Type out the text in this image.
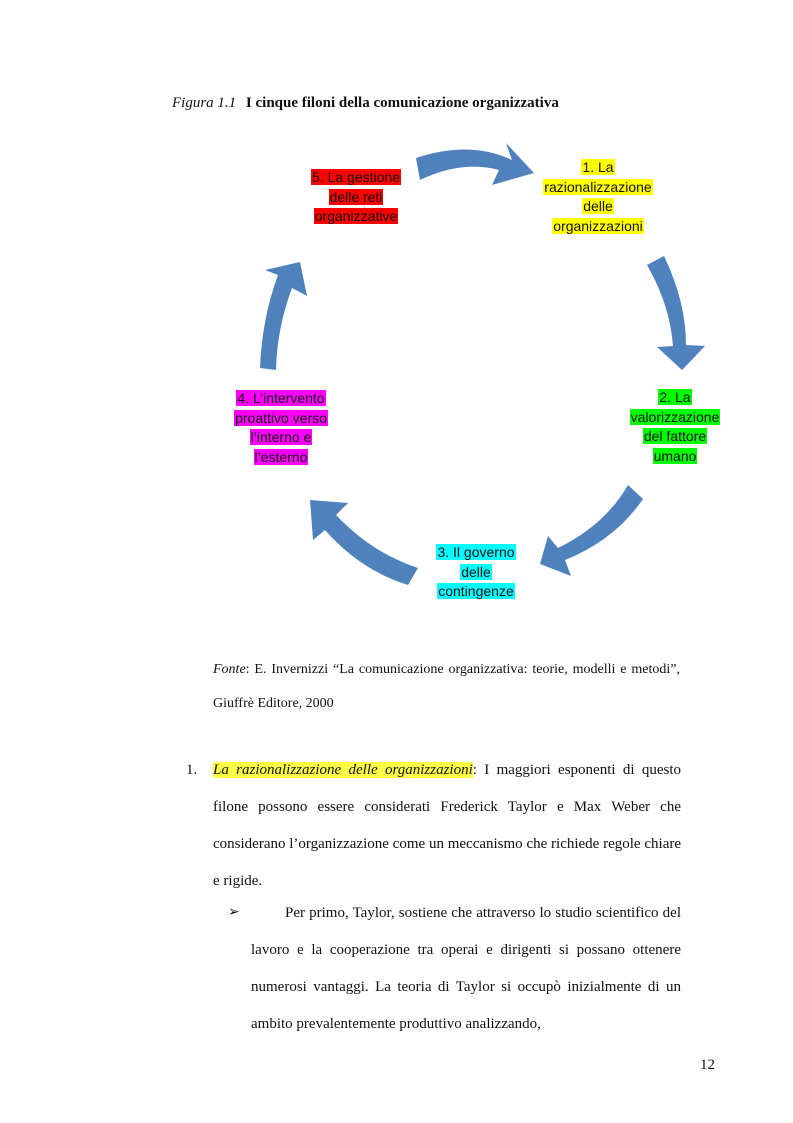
Figura 1.1 I cinque filoni della comunicazione organizzativa
1. La
razionalizzazione
delle
organizzazioni
2. La
valorizzazione
del fattore
umano
3. Il governo
delle
contingenze
4. L’intervento
proattivo verso
l’interno e
l’esterno
5. La gestione
delle reti
organizzative
Fonte: E. Invernizzi “La comunicazione organizzativa: teorie, modelli e metodi”, Giuffrè Editore, 2000
1. La razionalizzazione delle organizzazioni: I maggiori esponenti di questo filone possono essere considerati Frederick Taylor e Max Weber che considerano l’organizzazione come un meccanismo che richiede regole chiare e rigide.
➢	Per primo, Taylor, sostiene che attraverso lo studio scientifico del lavoro e la cooperazione tra operai e dirigenti si possano ottenere numerosi vantaggi. La teoria di Taylor si occupò inizialmente di un ambito prevalentemente produttivo analizzando,
12
